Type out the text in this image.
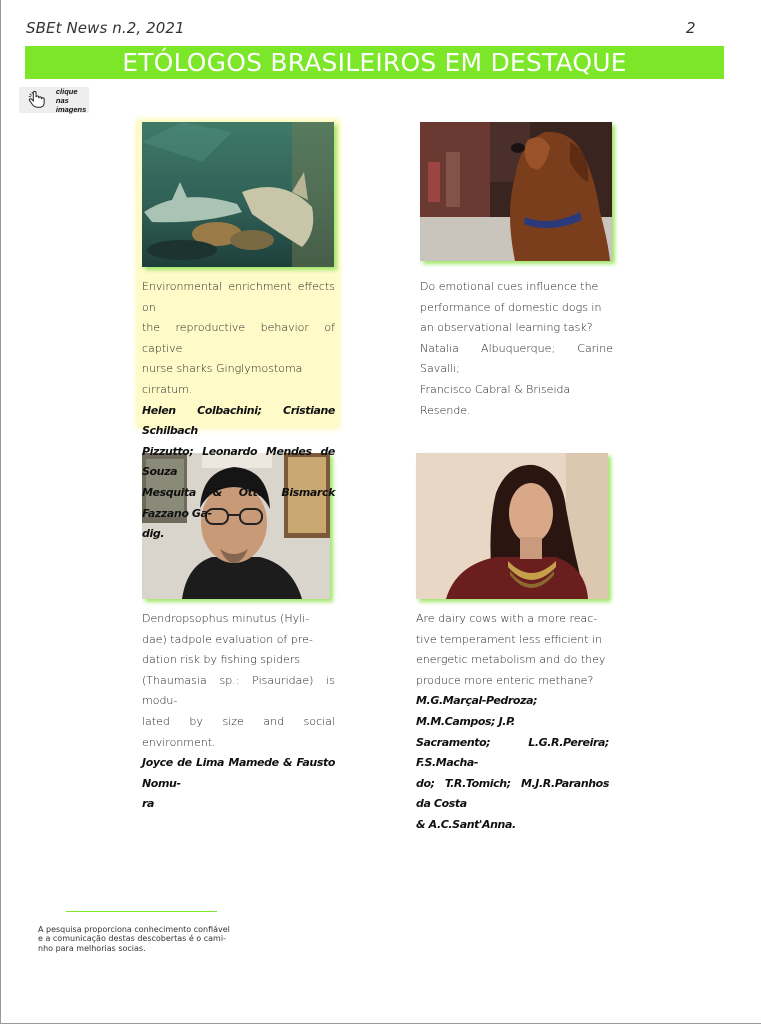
SBEt News n.2, 2021	2
ETÓLOGOS BRASILEIROS EM DESTAQUE
clique nas
imagens
Environmental enrichment effects on
the reproductive behavior of captive
nurse sharks Ginglymostoma cirratum.
Helen Colbachini; Cristiane Schilbach
Pizzutto; Leonardo Mendes de Souza
Mesquita & Otto Bismarck Fazzano Ga-
dig.
Do emotional cues influence the
performance of domestic dogs in
an observational learning task?
Natalia Albuquerque; Carine Savalli;
Francisco Cabral & Briseida Resende.
Dendropsophus minutus (Hyli-
dae) tadpole evaluation of pre-
dation risk by fishing spiders
(Thaumasia sp.: Pisauridae) is modu-
lated by size and social environment.
Joyce de Lima Mamede & Fausto Nomu-
ra
Are dairy cows with a more reac-
tive temperament less efficient in
energetic metabolism and do they
produce more enteric methane?
M.G.Marçal-Pedroza; M.M.Campos; J.P.
Sacramento; L.G.R.Pereira; F.S.Macha-
do; T.R.Tomich; M.J.R.Paranhos da Costa
& A.C.Sant'Anna.
A pesquisa proporciona conhecimento confiável
e a comunicação destas descobertas é o cami-
nho para melhorias socias.
